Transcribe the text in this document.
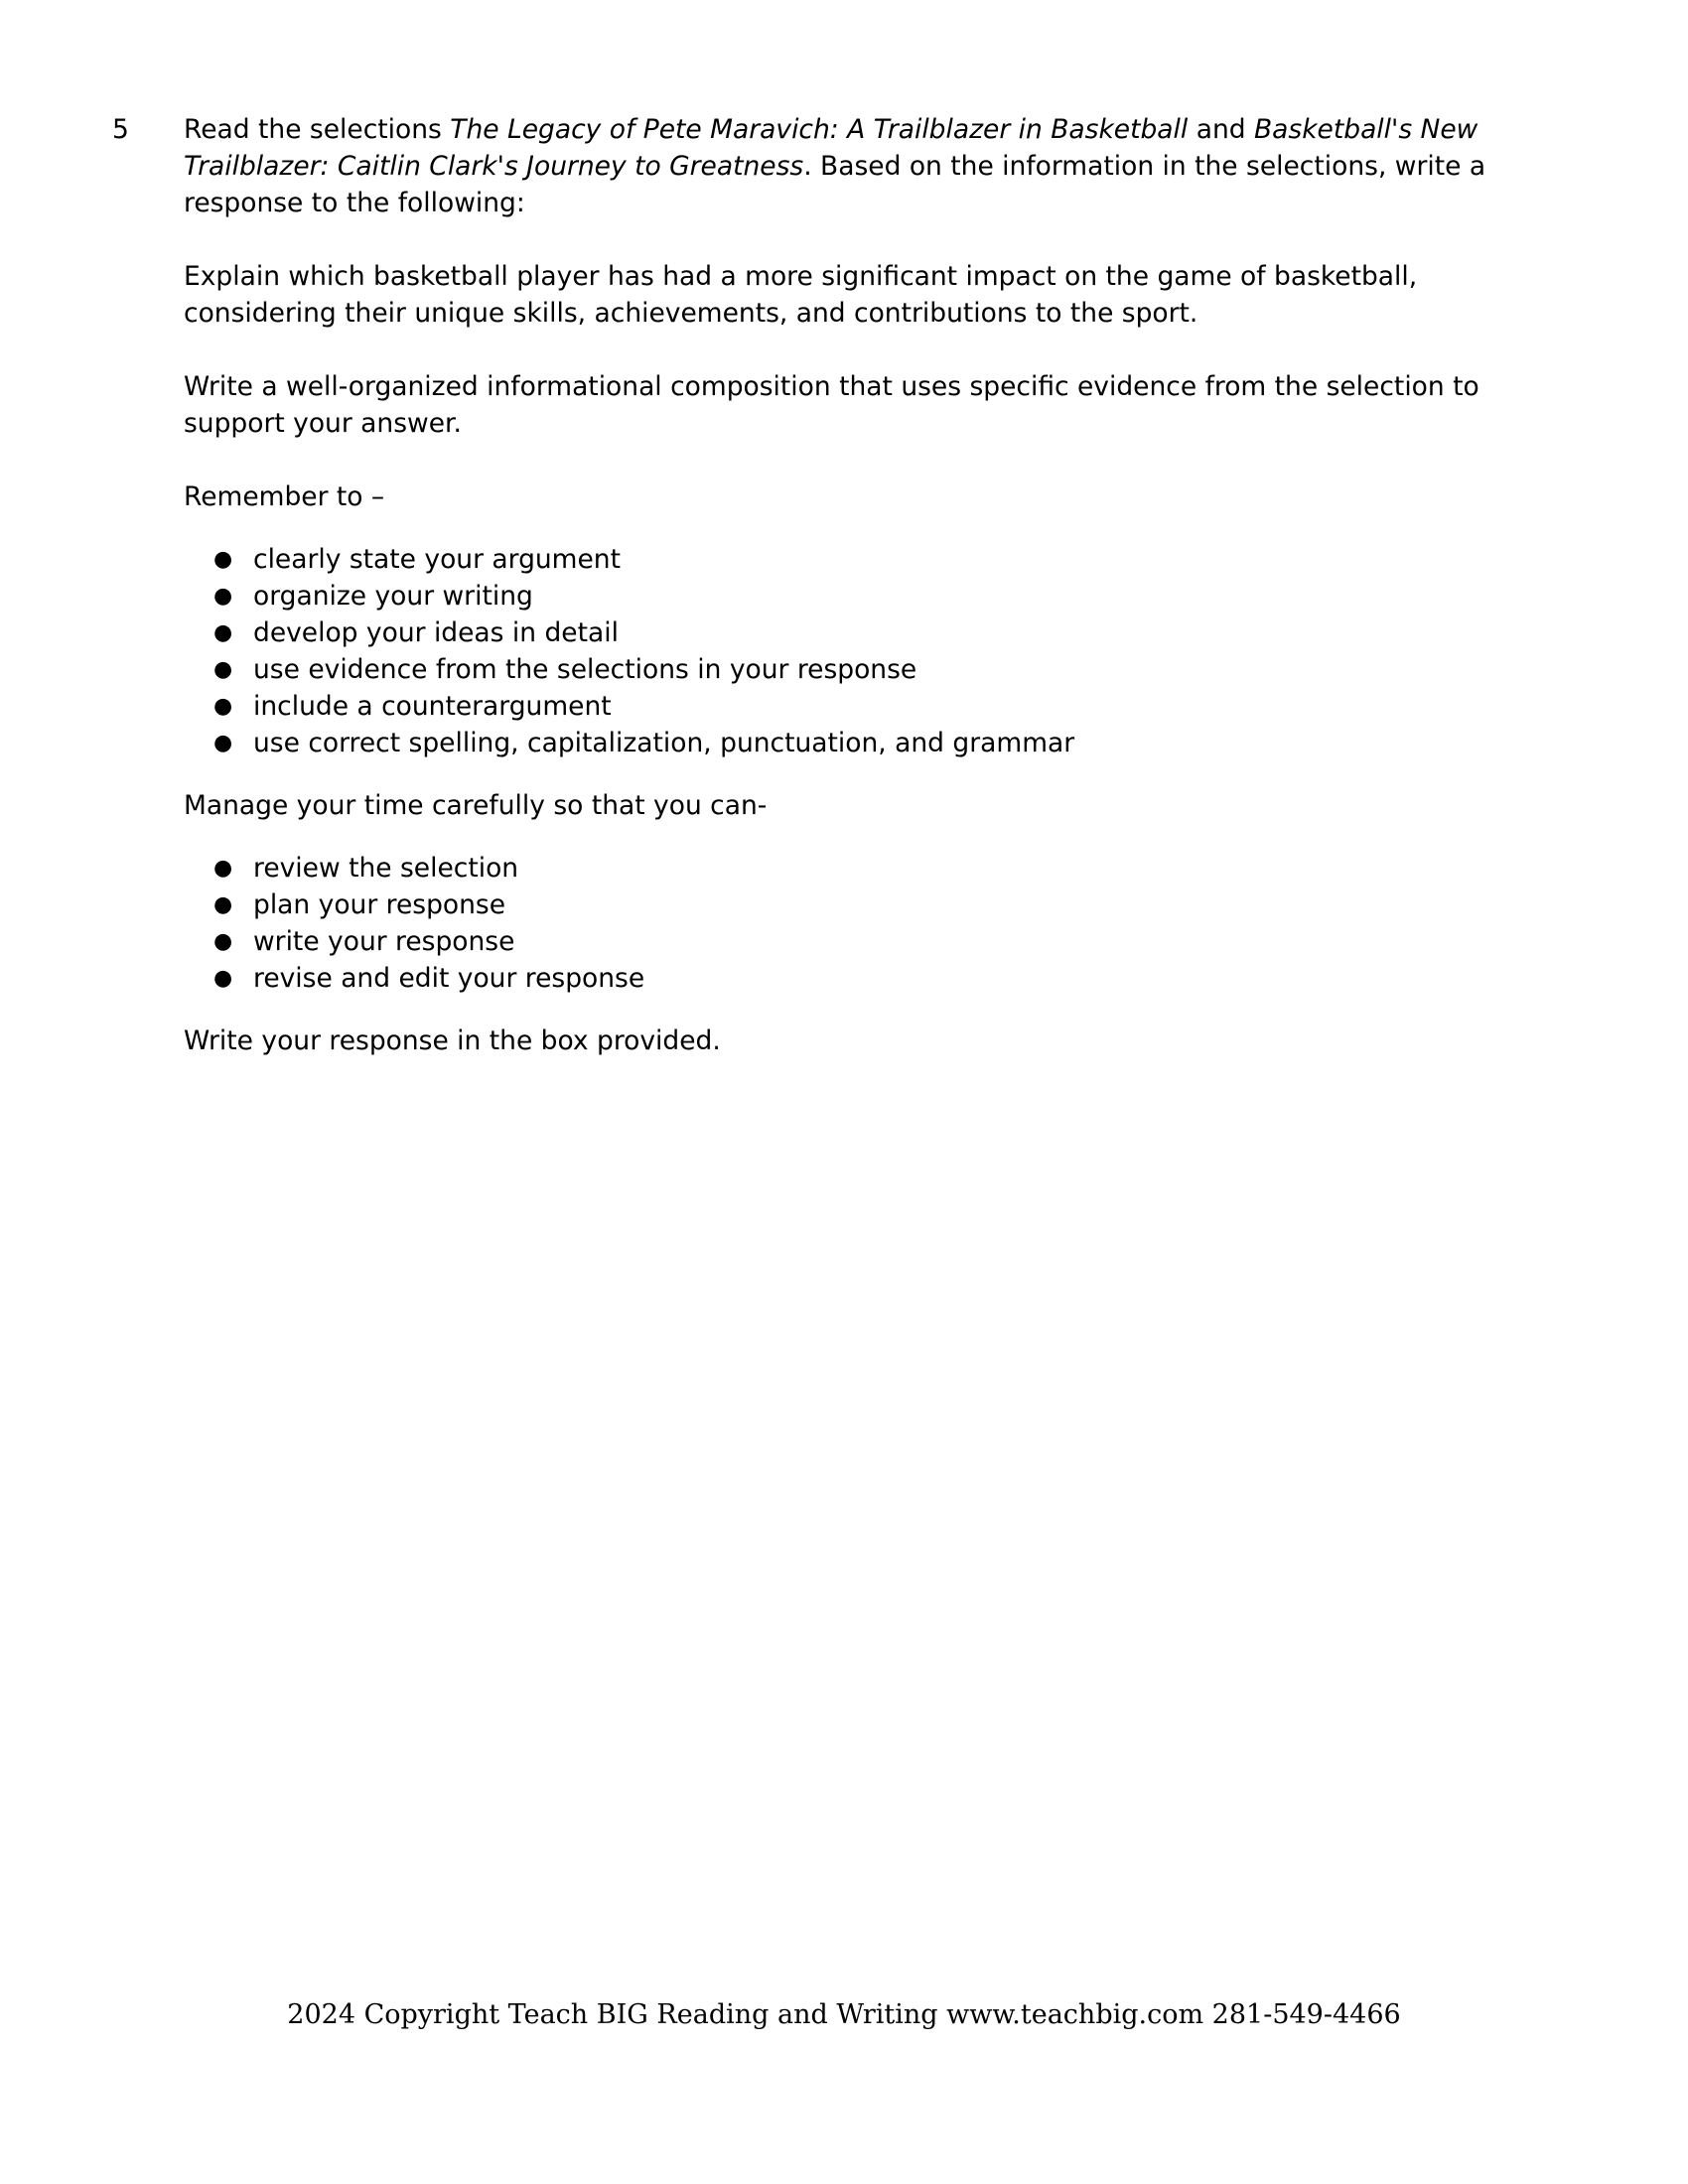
5	Read the selections The Legacy of Pete Maravich: A Trailblazer in Basketball and Basketball's New Trailblazer: Caitlin Clark's Journey to Greatness. Based on the information in the selections, write a response to the following:

Explain which basketball player has had a more significant impact on the game of basketball, considering their unique skills, achievements, and contributions to the sport.

Write a well-organized informational composition that uses specific evidence from the selection to support your answer.

Remember to –

● clearly state your argument
● organize your writing
● develop your ideas in detail
● use evidence from the selections in your response
● include a counterargument
● use correct spelling, capitalization, punctuation, and grammar

Manage your time carefully so that you can-

● review the selection
● plan your response
● write your response
● revise and edit your response

Write your response in the box provided.

2024 Copyright Teach BIG Reading and Writing www.teachbig.com 281-549-4466
